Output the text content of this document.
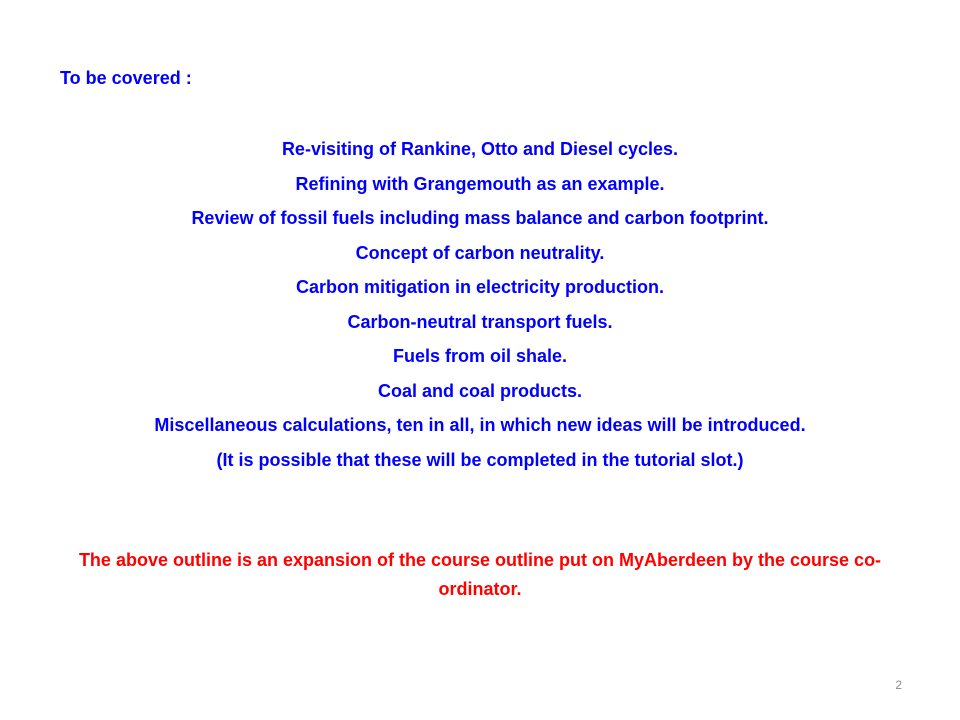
To be covered :
Re-visiting of Rankine, Otto and Diesel cycles.
Refining with Grangemouth as an example.
Review of fossil fuels including mass balance and carbon footprint.
Concept of carbon neutrality.
Carbon mitigation in electricity production.
Carbon-neutral transport fuels.
Fuels from oil shale.
Coal and coal products.
Miscellaneous calculations, ten in all, in which new ideas will be introduced.
(It is possible that these will be completed in the tutorial slot.)
The above outline is an expansion of the course outline put on MyAberdeen by the course co-ordinator.
2
